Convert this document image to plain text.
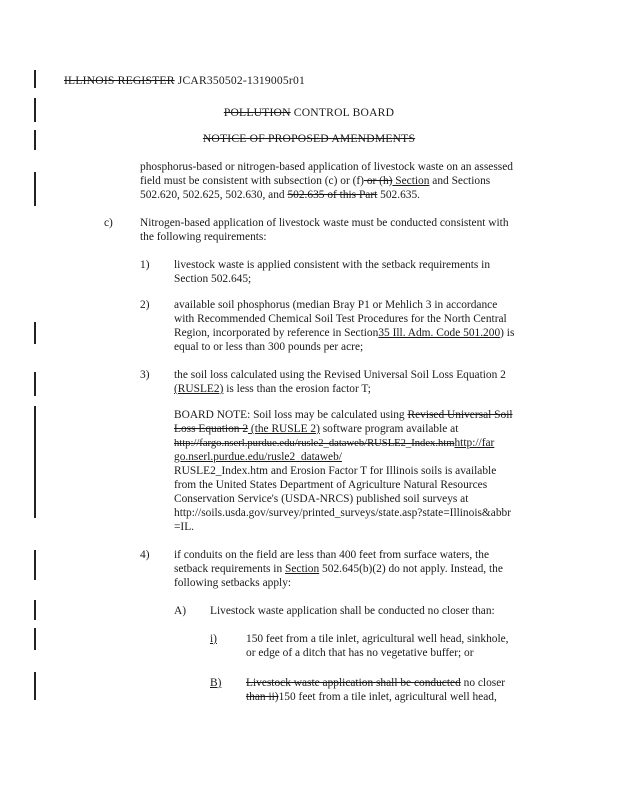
ILLINOIS REGISTER JCAR350502-1319005r01
POLLUTION CONTROL BOARD
NOTICE OF PROPOSED AMENDMENTS
phosphorus-based or nitrogen-based application of livestock waste on an assessed
field must be consistent with subsection (c) or (f) or (h) Section and Sections
502.620, 502.625, 502.630, and 502.635 of this Part 502.635.
c) Nitrogen-based application of livestock waste must be conducted consistent with
the following requirements:
1) livestock waste is applied consistent with the setback requirements in
Section 502.645;
2) available soil phosphorus (median Bray P1 or Mehlich 3 in accordance
with Recommended Chemical Soil Test Procedures for the North Central
Region, incorporated by reference in Section35 Ill. Adm. Code 501.200) is
equal to or less than 300 pounds per acre;
3) the soil loss calculated using the Revised Universal Soil Loss Equation 2
(RUSLE2) is less than the erosion factor T;
BOARD NOTE: Soil loss may be calculated using Revised Universal Soil
Loss Equation 2 (the RUSLE 2) software program available at
http://fargo.nserl.purdue.edu/rusle2_dataweb/RUSLE2_Index.htmhttp://far
go.nserl.purdue.edu/rusle2_dataweb/
RUSLE2_Index.htm and Erosion Factor T for Illinois soils is available
from the United States Department of Agriculture Natural Resources
Conservation Service's (USDA-NRCS) published soil surveys at
http://soils.usda.gov/survey/printed_surveys/state.asp?state=Illinois&abbr
=IL.
4) if conduits on the field are less than 400 feet from surface waters, the
setback requirements in Section 502.645(b)(2) do not apply. Instead, the
following setbacks apply:
A) Livestock waste application shall be conducted no closer than:
i)	150 feet from a tile inlet, agricultural well head, sinkhole,
or edge of a ditch that has no vegetative buffer; or
B) Livestock waste application shall be conducted no closer
than ii)150 feet from a tile inlet, agricultural well head,
